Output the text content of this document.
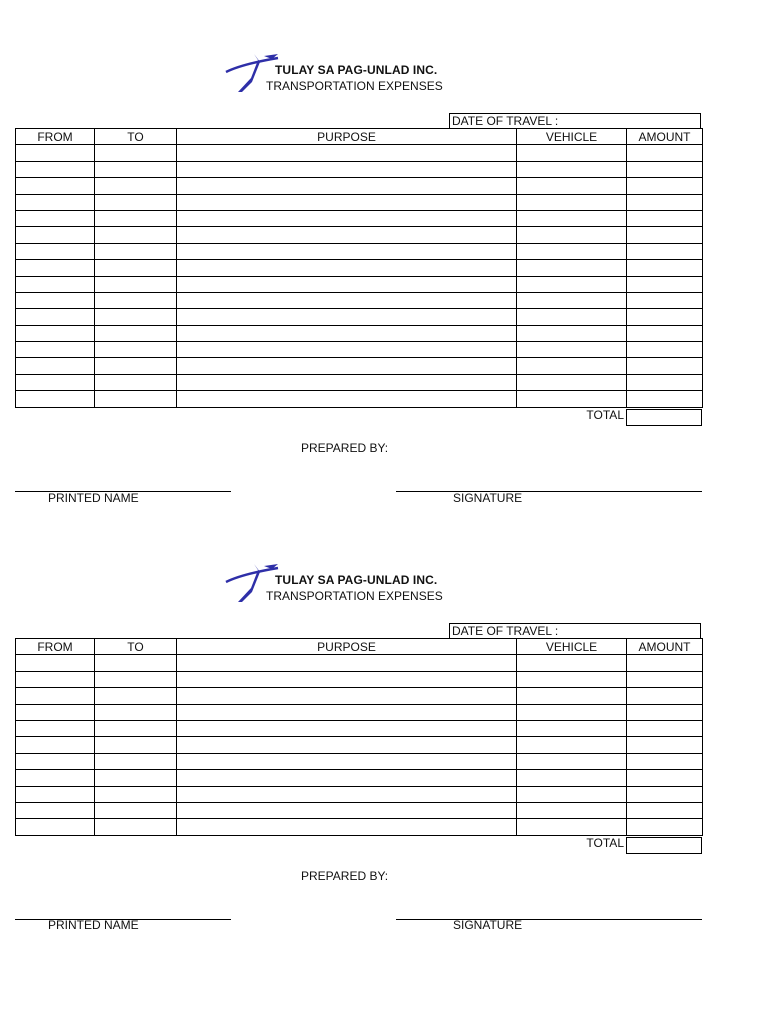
TULAY SA PAG-UNLAD INC.
TRANSPORTATION EXPENSES
DATE OF TRAVEL :
FROM	TO	PURPOSE	VEHICLE	AMOUNT

TOTAL
PREPARED BY:
PRINTED NAME	SIGNATURE
TULAY SA PAG-UNLAD INC.
TRANSPORTATION EXPENSES
DATE OF TRAVEL :
FROM	TO	PURPOSE	VEHICLE	AMOUNT

TOTAL
PREPARED BY:
PRINTED NAME	SIGNATURE
